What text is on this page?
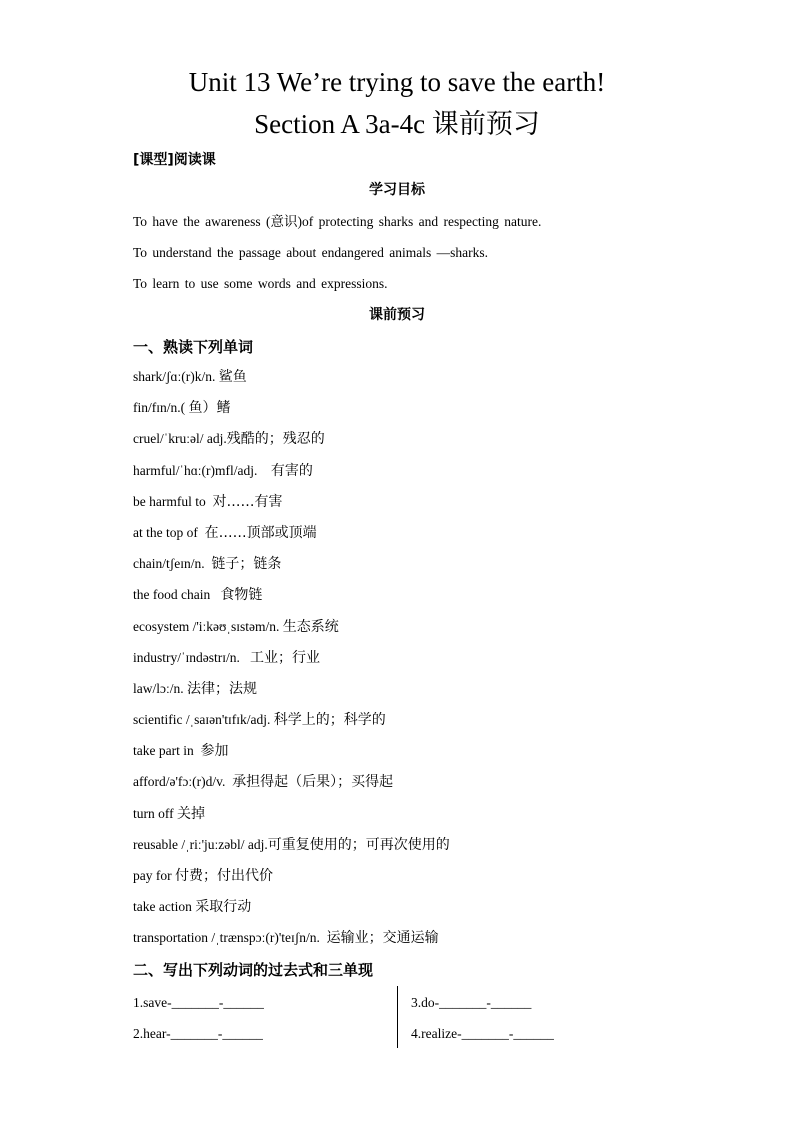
Unit 13 We’re trying to save the earth!
Section A 3a-4c 课前预习
[课型]阅读课
学习目标
To have the awareness (意识)of protecting sharks and respecting nature.
To understand the passage about endangered animals —sharks.
To learn to use some words and expressions.
课前预习
一、熟读下列单词
shark/ʃɑː(r)k/n. 鲨鱼
fin/fɪn/n.( 鱼）鳍
cruel/ˈkruːəl/ adj.残酷的；残忍的
harmful/ˈhɑː(r)mfl/adj. 有害的
be harmful to 对……有害
at the top of 在……顶部或顶端
chain/tʃeɪn/n. 链子；链条
the food chain 食物链
ecosystem /'iːkəʊˌsɪstəm/n. 生态系统
industry/ˈɪndəstrɪ/n. 工业；行业
law/lɔː/n. 法律；法规
scientific /ˌsaɪən'tɪfɪk/adj. 科学上的；科学的
take part in 参加
afford/ə'fɔː(r)d/v. 承担得起（后果）；买得起
turn off 关掉
reusable /ˌriː'juːzəbl/ adj.可重复使用的；可再次使用的
pay for 付费；付出代价
take action 采取行动
transportation /ˌtrænspɔː(r)'teɪʃn/n. 运输业；交通运输
二、写出下列动词的过去式和三单现
1.save-_______-______	3.do-_______-______
2.hear-_______-______	4.realize-_______-______
